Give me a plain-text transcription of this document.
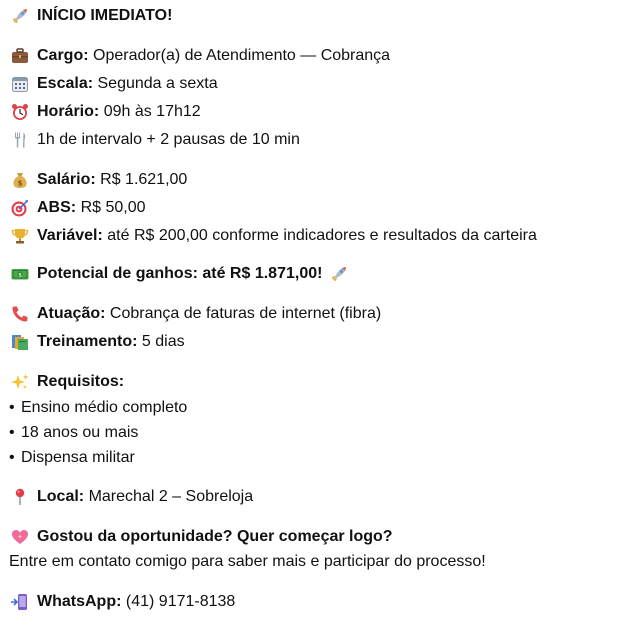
INÍCIO IMEDIATO!
Cargo:
Operador(a) de Atendimento — Cobrança
Escala:
Segunda a sexta
Horário:
09h às 17h12
1h de intervalo + 2 pausas de 10 min
$ Salário:
R$ 1.621,00
ABS:
R$ 50,00
Variável:
até R$ 200,00 conforme indicadores e resultados da carteira
$ Potencial de ganhos: até R$ 1.871,00!
Atuação:
Cobrança de faturas de internet (fibra)
Treinamento:
5 dias
Requisitos:
• Ensino médio completo
• 18 anos ou mais
• Dispensa militar
Local:
Marechal 2 – Sobreloja
Gostou da oportunidade? Quer começar logo?
Entre em contato comigo para saber mais e participar do processo!
WhatsApp:
(41) 9171-8138
